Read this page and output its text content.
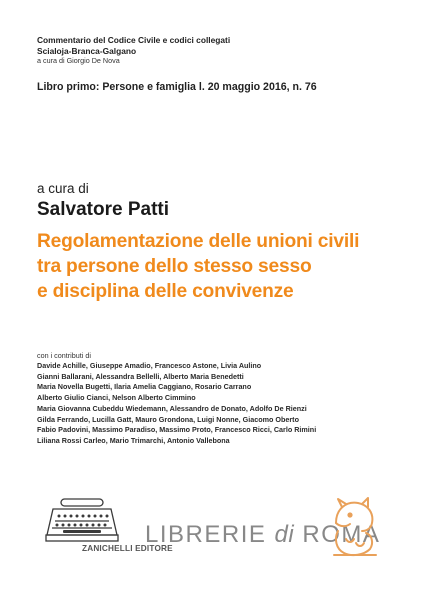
Commentario del Codice Civile e codici collegati
Scialoja-Branca-Galgano
a cura di Giorgio De Nova
Libro primo: Persone e famiglia l. 20 maggio 2016, n. 76
a cura di
Salvatore Patti
Regolamentazione delle unioni civili
tra persone dello stesso sesso
e disciplina delle convivenze
con i contributi di
Davide Achille, Giuseppe Amadio, Francesco Astone, Livia Aulino
Gianni Ballarani, Alessandra Bellelli, Alberto Maria Benedetti
Maria Novella Bugetti, Ilaria Amelia Caggiano, Rosario Carrano
Alberto Giulio Cianci, Nelson Alberto Cimmino
Maria Giovanna Cubeddu Wiedemann, Alessandro de Donato, Adolfo De Rienzi
Gilda Ferrando, Lucilla Gatt, Mauro Grondona, Luigi Nonne, Giacomo Oberto
Fabio Padovini, Massimo Paradiso, Massimo Proto, Francesco Ricci, Carlo Rimini
Liliana Rossi Carleo, Mario Trimarchi, Antonio Vallebona
ZANICHELLI EDITORE
LIBRERIE di ROMA
